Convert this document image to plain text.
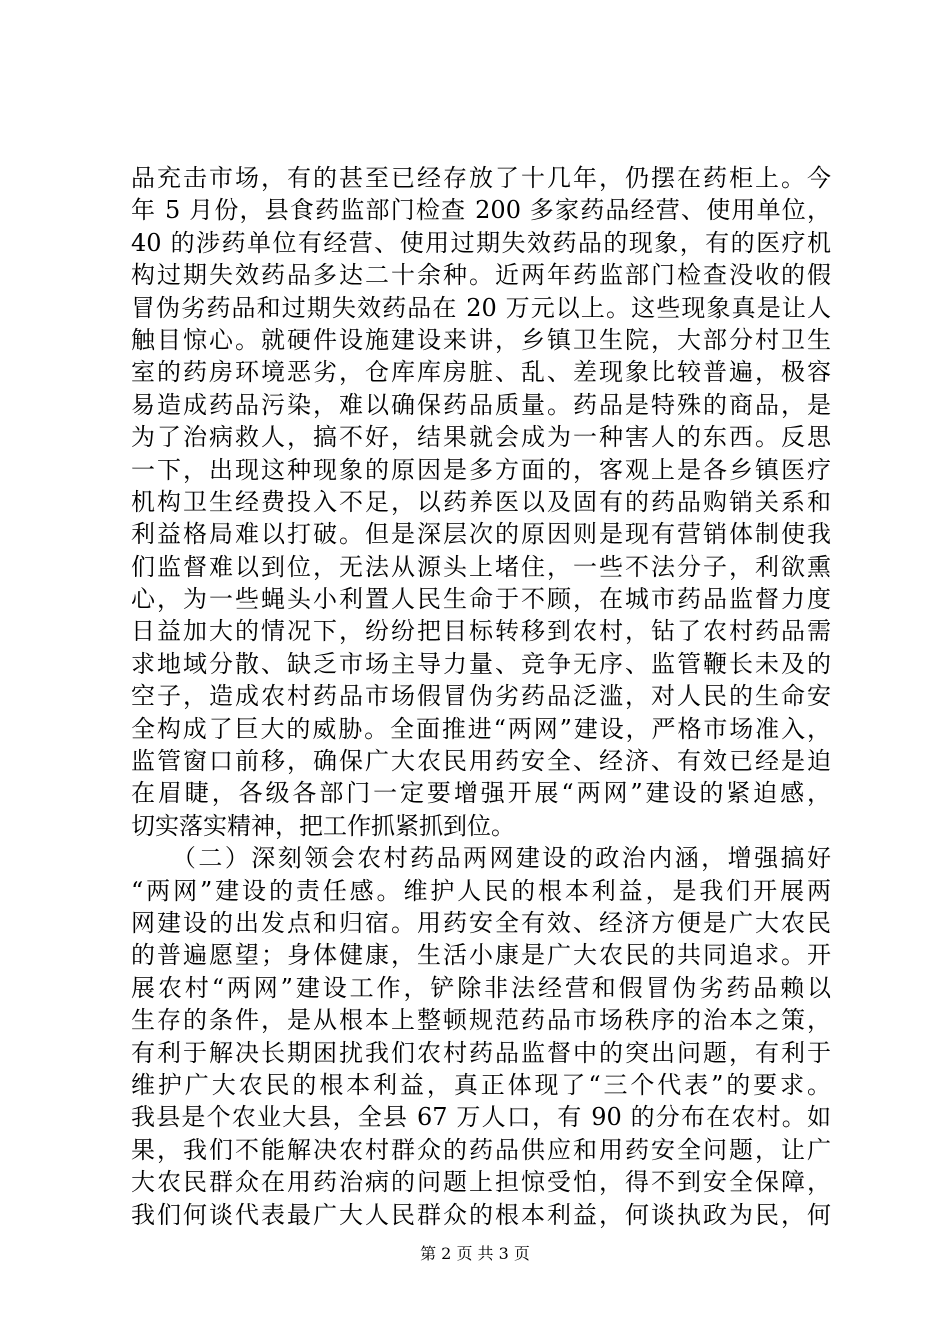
品充击市场，有的甚至已经存放了十几年，仍摆在药柜上。今
年 5 月份，县食药监部门检查 200 多家药品经营、使用单位，
40 的涉药单位有经营、使用过期失效药品的现象，有的医疗机
构过期失效药品多达二十余种。近两年药监部门检查没收的假
冒伪劣药品和过期失效药品在 20 万元以上。这些现象真是让人
触目惊心。就硬件设施建设来讲，乡镇卫生院，大部分村卫生
室的药房环境恶劣，仓库库房脏、乱、差现象比较普遍，极容
易造成药品污染，难以确保药品质量。药品是特殊的商品，是
为了治病救人，搞不好，结果就会成为一种害人的东西。反思
一下，出现这种现象的原因是多方面的，客观上是各乡镇医疗
机构卫生经费投入不足，以药养医以及固有的药品购销关系和
利益格局难以打破。但是深层次的原因则是现有营销体制使我
们监督难以到位，无法从源头上堵住，一些不法分子，利欲熏
心，为一些蝇头小利置人民生命于不顾，在城市药品监督力度
日益加大的情况下，纷纷把目标转移到农村，钻了农村药品需
求地域分散、缺乏市场主导力量、竞争无序、监管鞭长未及的
空子，造成农村药品市场假冒伪劣药品泛滥，对人民的生命安
全构成了巨大的威胁。全面推进“两网”建设，严格市场准入，
监管窗口前移，确保广大农民用药安全、经济、有效已经是迫
在眉睫，各级各部门一定要增强开展“两网”建设的紧迫感，
切实落实精神，把工作抓紧抓到位。
　　（二）深刻领会农村药品两网建设的政治内涵，增强搞好
“两网”建设的责任感。维护人民的根本利益，是我们开展两
网建设的出发点和归宿。用药安全有效、经济方便是广大农民
的普遍愿望；身体健康，生活小康是广大农民的共同追求。开
展农村“两网”建设工作，铲除非法经营和假冒伪劣药品赖以
生存的条件，是从根本上整顿规范药品市场秩序的治本之策，
有利于解决长期困扰我们农村药品监督中的突出问题，有利于
维护广大农民的根本利益，真正体现了“三个代表”的要求。
我县是个农业大县，全县 67 万人口，有 90 的分布在农村。如
果，我们不能解决农村群众的药品供应和用药安全问题，让广
大农民群众在用药治病的问题上担惊受怕，得不到安全保障，
我们何谈代表最广大人民群众的根本利益，何谈执政为民，何
第 2 页 共 3 页
